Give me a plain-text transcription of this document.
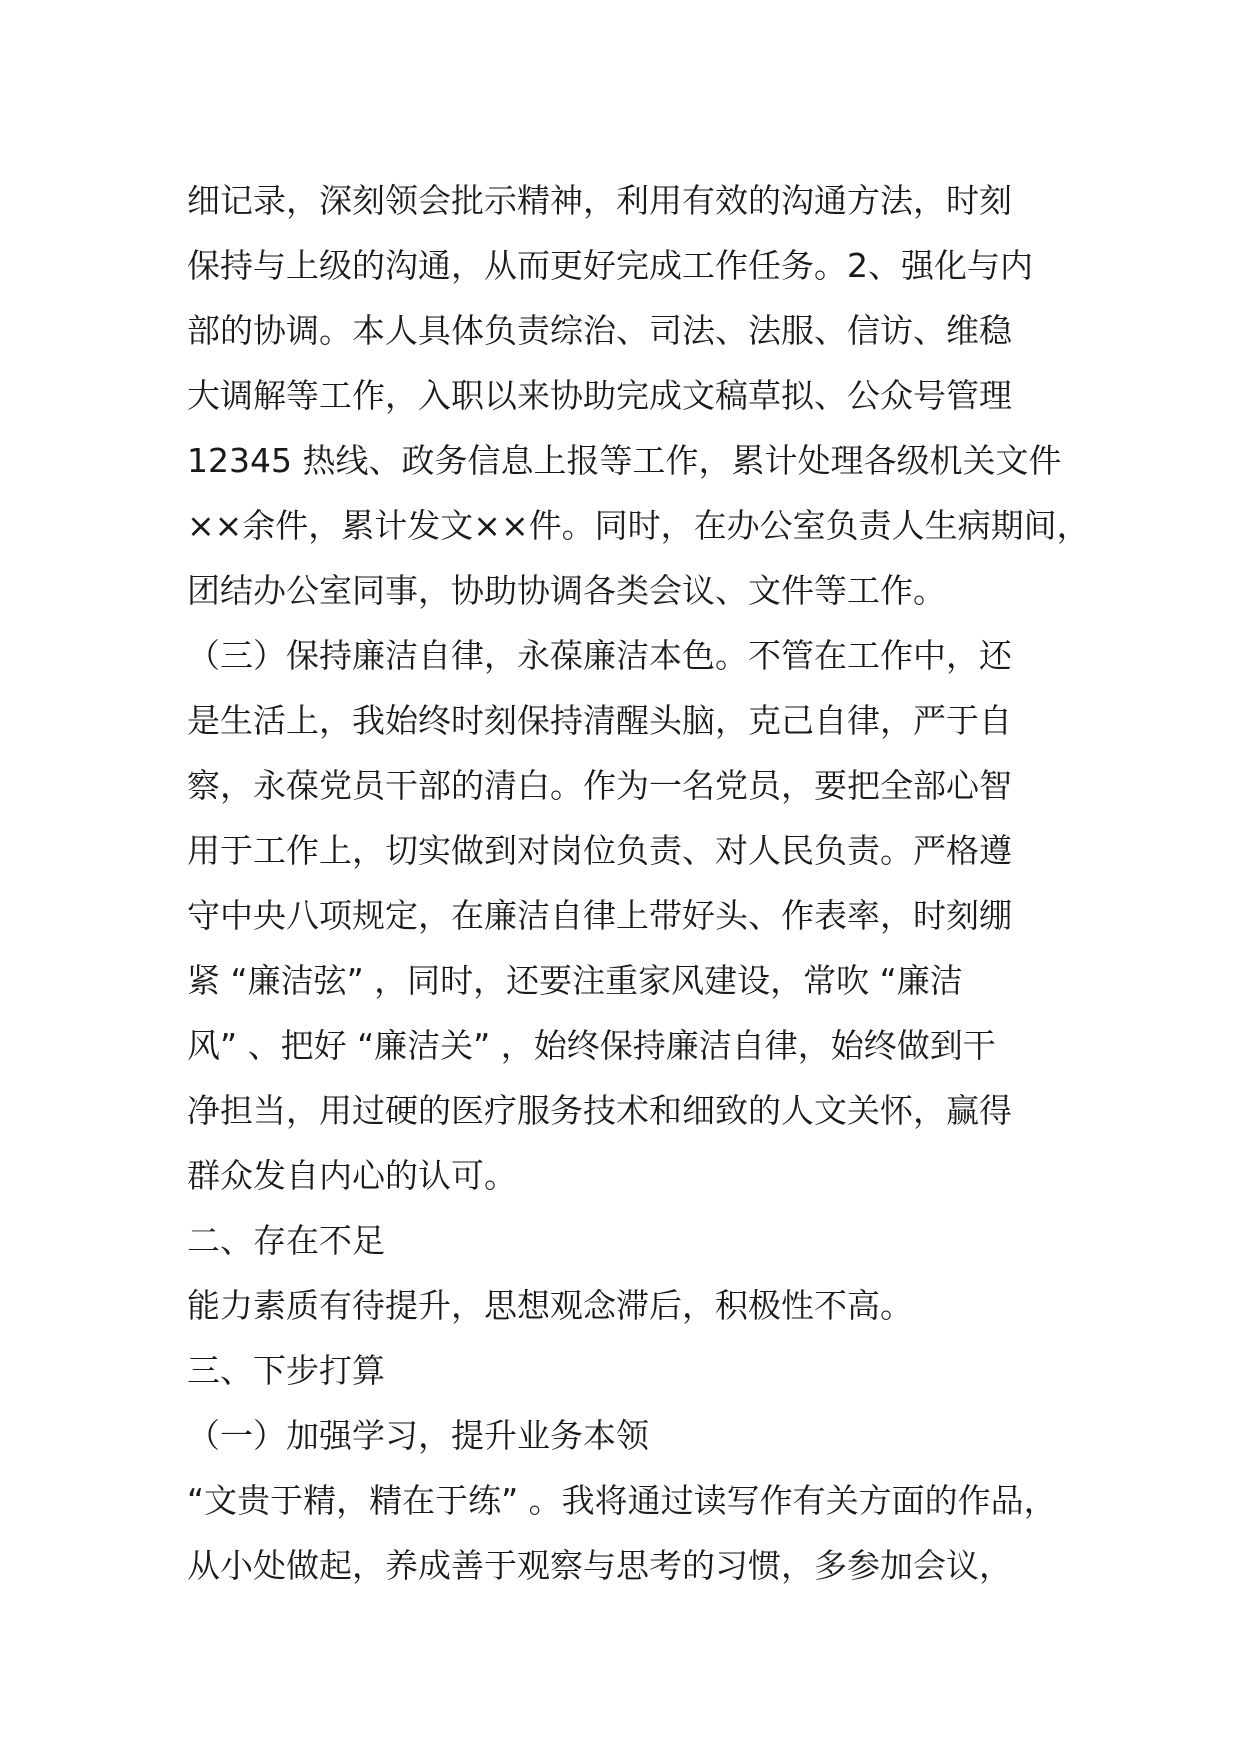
细记录，深刻领会批示精神，利用有效的沟通方法，时刻
保持与上级的沟通，从而更好完成工作任务。2、强化与内
部的协调。本人具体负责综治、司法、法服、信访、维稳
大调解等工作，入职以来协助完成文稿草拟、公众号管理
12345 热线、政务信息上报等工作，累计处理各级机关文件
××余件，累计发文××件。同时，在办公室负责人生病期间，
团结办公室同事，协助协调各类会议、文件等工作。
（三）保持廉洁自律，永葆廉洁本色。不管在工作中，还
是生活上，我始终时刻保持清醒头脑，克己自律，严于自
察，永葆党员干部的清白。作为一名党员，要把全部心智
用于工作上，切实做到对岗位负责、对人民负责。严格遵
守中央八项规定，在廉洁自律上带好头、作表率，时刻绷
紧 “廉洁弦” ，同时，还要注重家风建设，常吹 “廉洁
风” 、把好 “廉洁关” ，始终保持廉洁自律，始终做到干
净担当，用过硬的医疗服务技术和细致的人文关怀，赢得
群众发自内心的认可。
二、存在不足
能力素质有待提升，思想观念滞后，积极性不高。
三、下步打算
（一）加强学习，提升业务本领
“文贵于精，精在于练” 。我将通过读写作有关方面的作品，
从小处做起，养成善于观察与思考的习惯，多参加会议，
